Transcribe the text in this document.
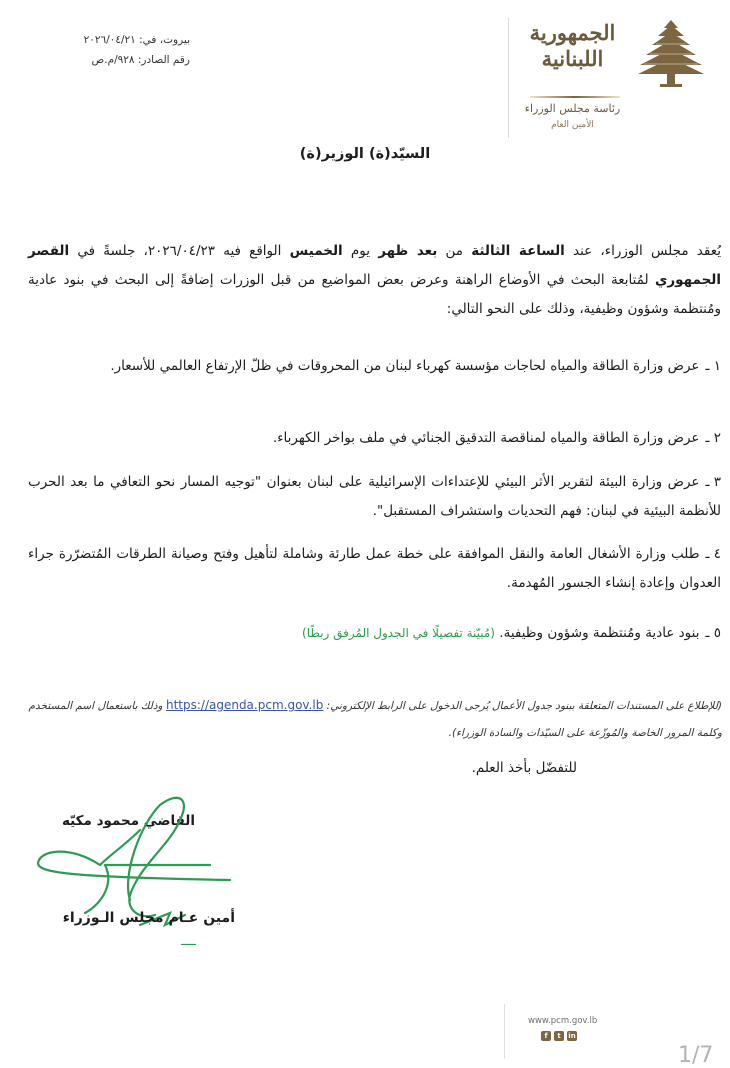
بيروت، في: ٢٠٢٦/٠٤/٢١
رقم الصادر: ٩٢٨/م.ص
الجمهورية
اللبنانية
رئاسة مجلس الوزراء
الأمين العام
السيّد(ة) الوزير(ة)
يُعقد مجلس الوزراء، عند الساعة الثالثة من بعد ظهر يوم الخميس الواقع فيه ٢٠٢٦/٠٤/٢٣، جلسةً في القصر الجمهوري لمُتابعة البحث في الأوضاع الراهنة وعرض بعض المواضيع من قبل الوزرات إضافةً إلى البحث في بنود عادية ومُنتظمة وشؤون وظيفية، وذلك على النحو التالي:
١ ـعرض وزارة الطاقة والمياه لحاجات مؤسسة كهرباء لبنان من المحروقات في ظلّ الإرتفاع العالمي للأسعار.
٢ ـعرض وزارة الطاقة والمياه لمناقصة التدقيق الجنائي في ملف بواخر الكهرباء.
٣ ـعرض وزارة البيئة لتقرير الأثر البيئي للإعتداءات الإسرائيلية على لبنان بعنوان "توجيه المسار نحو التعافي ما بعد الحرب للأنظمة البيئية في لبنان: فهم التحديات واستشراف المستقبل".
٤ ـطلب وزارة الأشغال العامة والنقل الموافقة على خطة عمل طارئة وشاملة لتأهيل وفتح وصيانة الطرقات المُتضرّرة جراء العدوان وإعادة إنشاء الجسور المُهدمة.
٥ ـبنود عادية ومُنتظمة وشؤون وظيفية. (مُبيّنة تفصيلًا في الجدول المُرفق ربطًا)
(للإطلاع على المستندات المتعلقة ببنود جدول الأعمال يُرجى الدخول على الرابط الإلكتروني: https://agenda.pcm.gov.lb وذلك باستعمال اسم المستخدم وكلمة المرور الخاصة والمُوزّعة على السيّدات والسادة الوزراء).
للتفضّل بأخذ العلم.
القاضي محمود مكيّه
أمين عـام مجلس الـوزراء
www.pcm.gov.lb
f	t	in
1/7
